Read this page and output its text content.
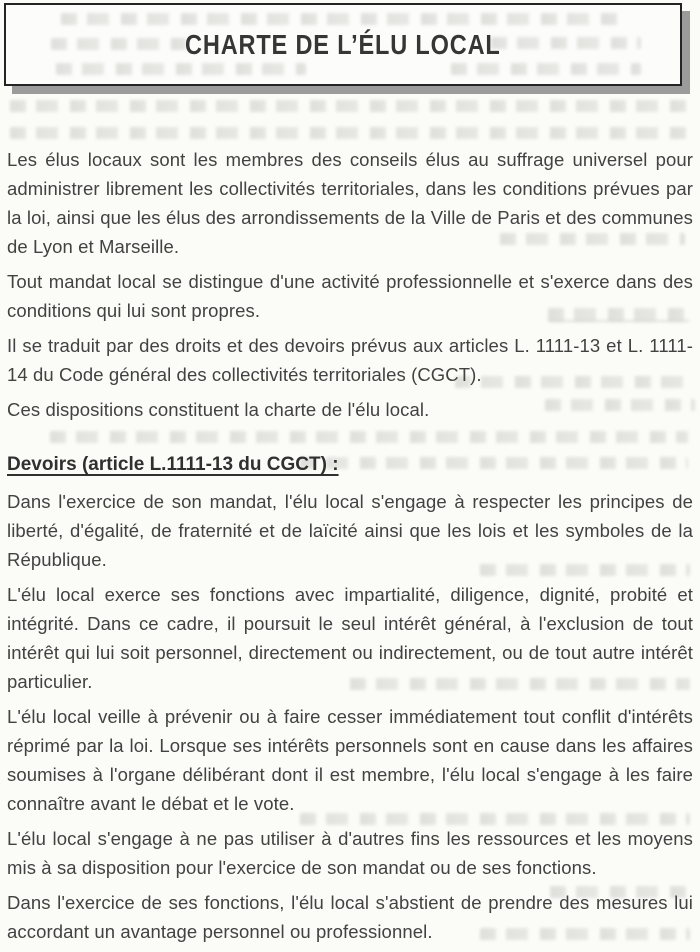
CHARTE DE L’ÉLU LOCAL

Les élus locaux sont les membres des conseils élus au suffrage universel pour administrer librement les collectivités territoriales, dans les conditions prévues par la loi, ainsi que les élus des arrondissements de la Ville de Paris et des communes de Lyon et Marseille.

Tout mandat local se distingue d'une activité professionnelle et s'exerce dans des conditions qui lui sont propres.

Il se traduit par des droits et des devoirs prévus aux articles L. 1111-13 et L. 1111-14 du Code général des collectivités territoriales (CGCT).

Ces dispositions constituent la charte de l'élu local.

Devoirs (article L.1111-13 du CGCT) :

Dans l'exercice de son mandat, l'élu local s'engage à respecter les principes de liberté, d'égalité, de fraternité et de laïcité ainsi que les lois et les symboles de la République.

L'élu local exerce ses fonctions avec impartialité, diligence, dignité, probité et intégrité. Dans ce cadre, il poursuit le seul intérêt général, à l'exclusion de tout intérêt qui lui soit personnel, directement ou indirectement, ou de tout autre intérêt particulier.

L'élu local veille à prévenir ou à faire cesser immédiatement tout conflit d'intérêts réprimé par la loi. Lorsque ses intérêts personnels sont en cause dans les affaires soumises à l'organe délibérant dont il est membre, l'élu local s'engage à les faire connaître avant le débat et le vote.

L'élu local s'engage à ne pas utiliser à d'autres fins les ressources et les moyens mis à sa disposition pour l'exercice de son mandat ou de ses fonctions.

Dans l'exercice de ses fonctions, l'élu local s'abstient de prendre des mesures lui accordant un avantage personnel ou professionnel.
